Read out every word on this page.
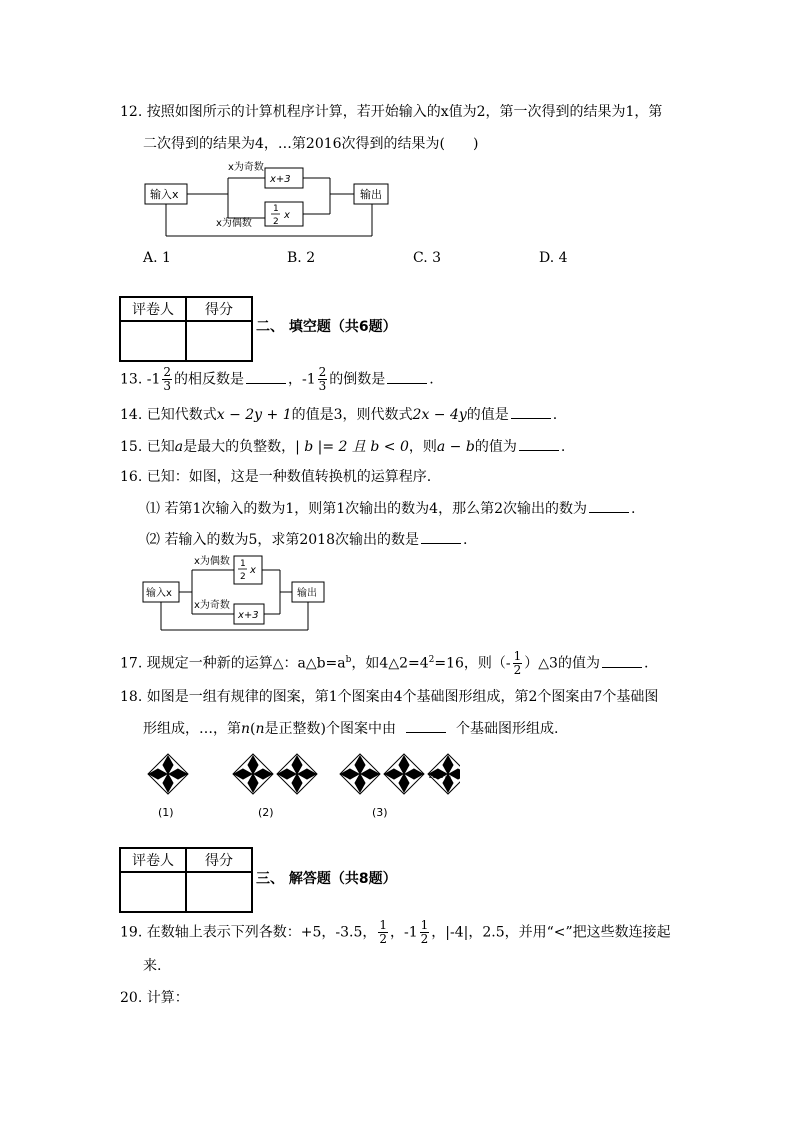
12. 按照如图所示的计算机程序计算，若开始输入的x值为2，第一次得到的结果为1，第
二次得到的结果为4，…第2016次得到的结果为(　　)
输入x
x为奇数
x为偶数
x+3
1
2
x
输出
A. 1	B. 2	C. 3	D. 4
评卷人	得分

二、 填空题（共6题）
13. $-1 \frac{2}{3}$ 的相反数是	，$-1 \frac{2}{3}$ 的倒数是	.
14. 已知代数式x − 2y + 1的值是3，则代数式2x − 4y的值是	.
15. 已知a是最大的负整数，| b |= 2 且 b < 0，则a − b的值为	.
16. 已知：如图，这是一种数值转换机的运算程序.
⑴ 若第1次输入的数为1，则第1次输出的数为4，那么第2次输出的数为	.
⑵ 若输入的数为5，求第2018次输出的数是	.
输入x
x为偶数
x为奇数
1
2
x
x+3
输出
17. 现规定一种新的运算△：$a\triangle b=a^b$，如$4\triangle 2=4^2=16$，则（- $\frac{1}{2}$ ）△3的值为	.
18. 如图是一组有规律的图案，第1个图案由4个基础图形组成，第2个图案由7个基础图
形组成，…，第n(n是正整数)个图案中由	个基础图形组成.
……
(1)	(2)	(3)
评卷人	得分

三、 解答题（共8题）
19. 在数轴上表示下列各数：+5，-3.5， $\frac{1}{2}$ ，$-1 \frac{1}{2}$ ，|-4|，2.5，并用“<”把这些数连接起
来.
20. 计算：
